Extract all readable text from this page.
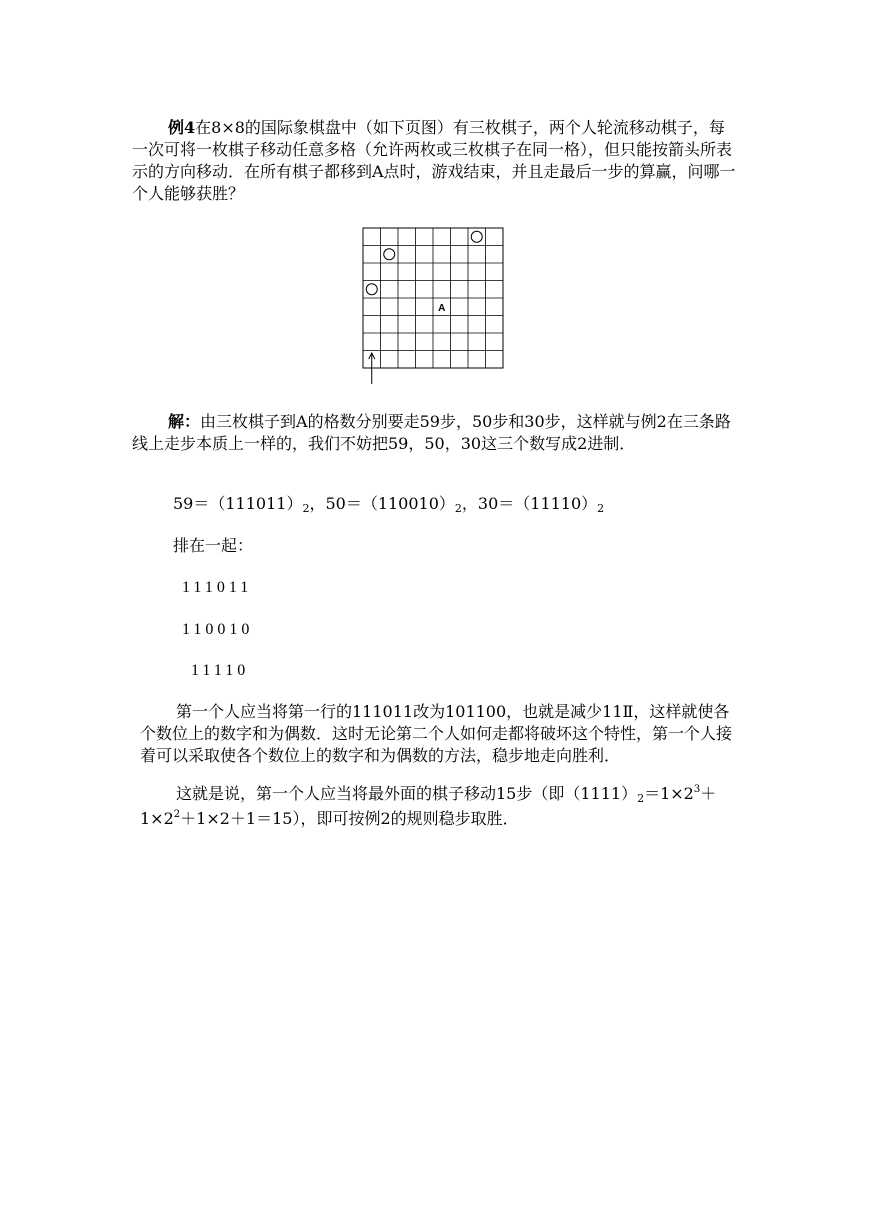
例4在8×8的国际象棋盘中（如下页图）有三枚棋子，两个人轮流移动棋子，每一次可将一枚棋子移动任意多格（允许两枚或三枚棋子在同一格），但只能按箭头所表示的方向移动．在所有棋子都移到A点时，游戏结束，并且走最后一步的算赢，问哪一个人能够获胜？

A

解：由三枚棋子到A的格数分别要走59步，50步和30步，这样就与例2在三条路线上走步本质上一样的，我们不妨把59，50，30这三个数写成2进制．

59＝（111011）2，50＝（110010）2，30＝（11110）2
排在一起：
111011
110010
11110

第一个人应当将第一行的111011改为101100，也就是减少11Ⅱ，这样就使各个数位上的数字和为偶数．这时无论第二个人如何走都将破坏这个特性，第一个人接着可以采取使各个数位上的数字和为偶数的方法，稳步地走向胜利．

这就是说，第一个人应当将最外面的棋子移动15步（即$(1111)2=1\times 2^3+1\times 2^2+1\times 2+1=15$），即可按例2的规则稳步取胜．
